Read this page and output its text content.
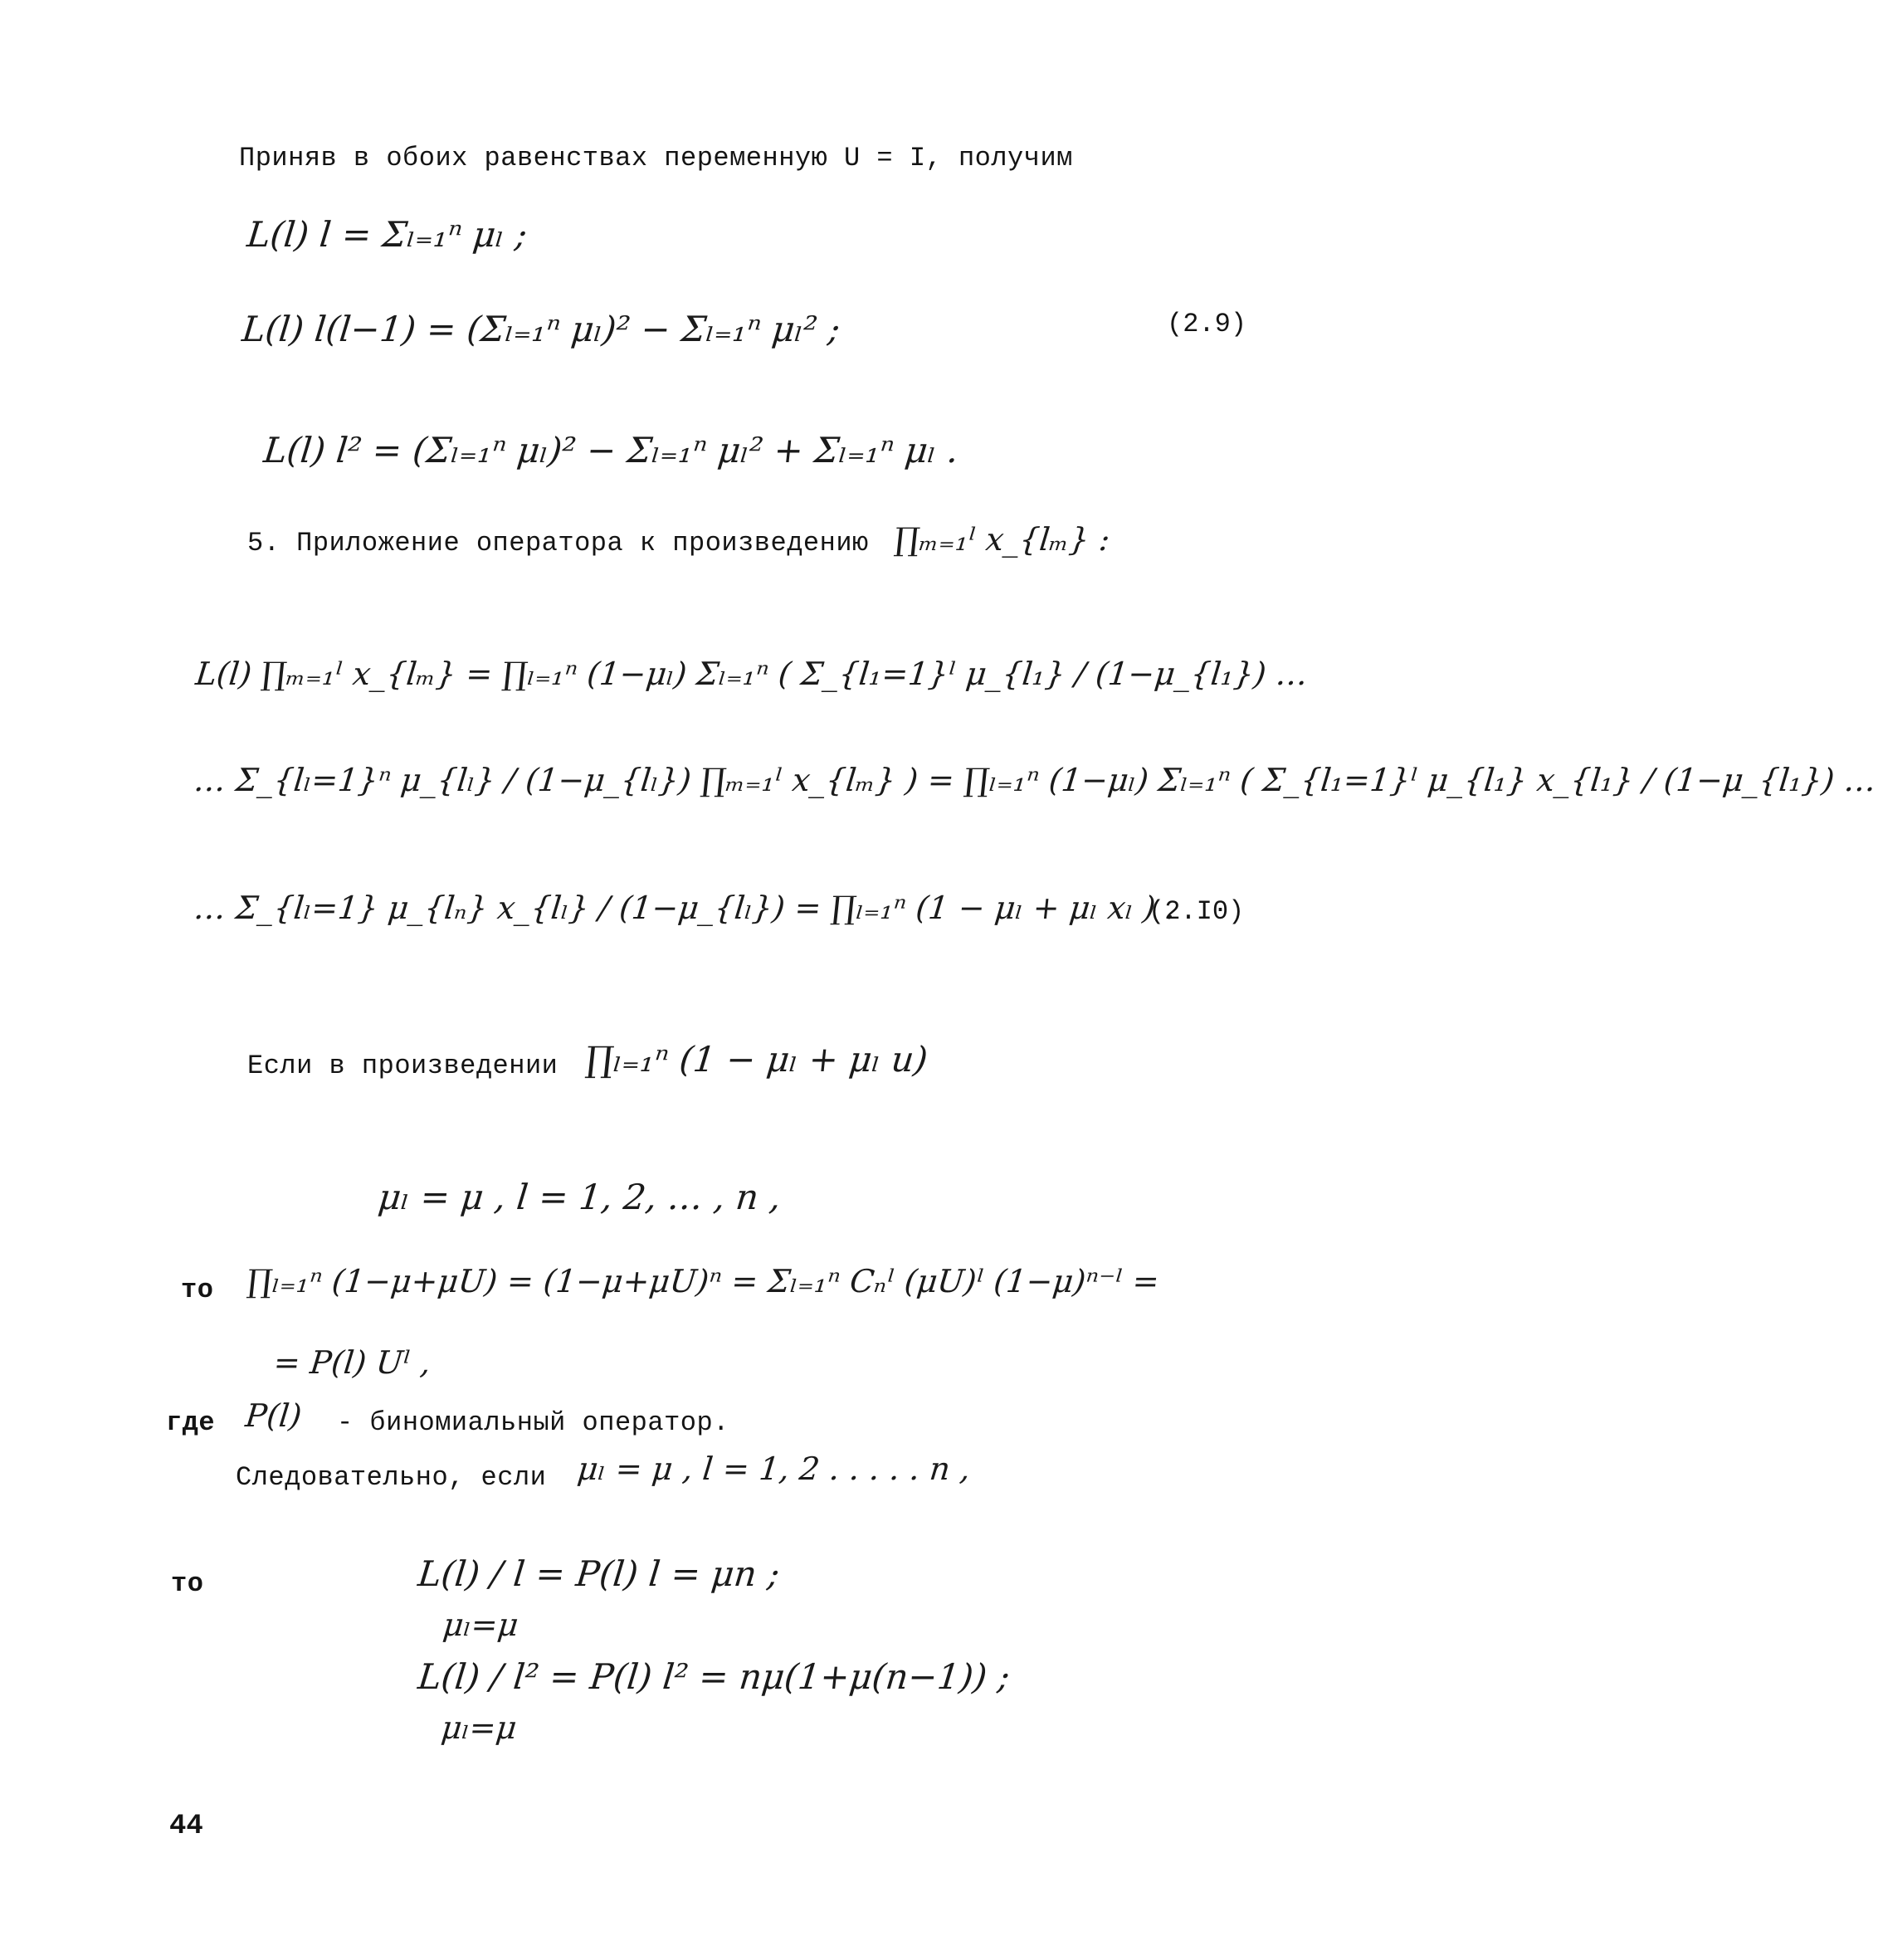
Приняв в обоих равенствах переменную U = I, получим
L(l) l = Σₗ₌₁ⁿ μₗ ;
L(l) l(l−1) = (Σₗ₌₁ⁿ μₗ)² − Σₗ₌₁ⁿ μₗ² ;	(2.9)
L(l) l² = (Σₗ₌₁ⁿ μₗ)² − Σₗ₌₁ⁿ μₗ² + Σₗ₌₁ⁿ μₗ .
5. Приложение оператора к произведению ∏ₘ₌₁ˡ x_{lₘ} :
L(l) ∏ₘ₌₁ˡ x_{lₘ} = ∏ₗ₌₁ⁿ (1−μₗ) Σₗ₌₁ⁿ ( Σ_{l₁=1}ˡ μ_{l₁} / (1−μ_{l₁}) …
… Σ_{lₗ=1}ⁿ μ_{lₗ} / (1−μ_{lₗ}) ∏ₘ₌₁ˡ x_{lₘ} ) = ∏ₗ₌₁ⁿ (1−μₗ) Σₗ₌₁ⁿ ( Σ_{l₁=1}ˡ μ_{l₁} x_{l₁} / (1−μ_{l₁}) …
… Σ_{lₗ=1} μ_{lₙ} x_{lₗ} / (1−μ_{lₗ}) = ∏ₗ₌₁ⁿ (1 − μₗ + μₗ xₗ ) .
(2.I0)
Если в произведении ∏ₗ₌₁ⁿ (1 − μₗ + μₗ u)
μₗ = μ , l = 1, 2, … , n ,
то ∏ₗ₌₁ⁿ (1−μ+μU) = (1−μ+μU)ⁿ = Σₗ₌₁ⁿ Cₙˡ (μU)ˡ (1−μ)ⁿ⁻ˡ =
= P(l) Uˡ ,
где P(l) - биномиальный оператор.
Следовательно, если μₗ = μ , l = 1, 2 . . . . . n ,
то	L(l) / l = P(l) l = μn ;
μₗ=μ
L(l) / l² = P(l) l² = nμ(1+μ(n−1)) ;
μₗ=μ
44
